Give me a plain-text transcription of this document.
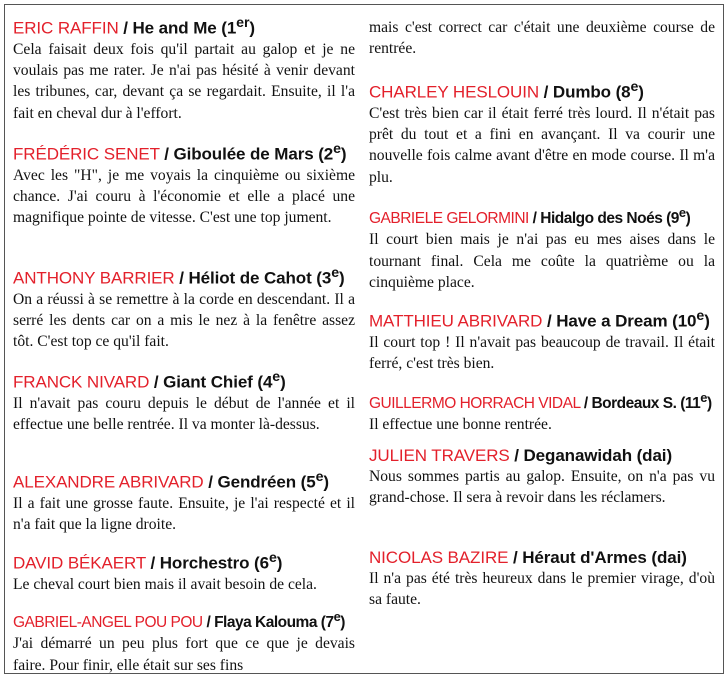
ERIC RAFFIN / He and Me (1er)

Cela faisait deux fois qu'il partait au galop et je ne voulais pas me rater. Je n'ai pas hésité à venir devant les tribunes, car, devant ça se regardait. Ensuite, il l'a fait en cheval dur à l'effort.

FRÉDÉRIC SENET / Giboulée de Mars (2e)

Avec les "H", je me voyais la cinquième ou sixième chance. J'ai couru à l'économie et elle a placé une magnifique pointe de vitesse. C'est une top jument.

ANTHONY BARRIER / Héliot de Cahot (3e)

On a réussi à se remettre à la corde en descendant. Il a serré les dents car on a mis le nez à la fenêtre assez tôt. C'est top ce qu'il fait.

FRANCK NIVARD / Giant Chief (4e)

Il n'avait pas couru depuis le début de l'année et il effectue une belle rentrée. Il va monter là-dessus.

ALEXANDRE ABRIVARD / Gendréen (5e)

Il a fait une grosse faute. Ensuite, je l'ai respecté et il n'a fait que la ligne droite.

DAVID BÉKAERT / Horchestro (6e)

Le cheval court bien mais il avait besoin de cela.

GABRIEL-ANGEL POU POU / Flaya Kalouma (7e)

J'ai démarré un peu plus fort que ce que je devais faire. Pour finir, elle était sur ses fins

mais c'est correct car c'était une deuxième course de rentrée.

CHARLEY HESLOUIN / Dumbo (8e)

C'est très bien car il était ferré très lourd. Il n'était pas prêt du tout et a fini en avançant. Il va courir une nouvelle fois calme avant d'être en mode course. Il m'a plu.

GABRIELE GELORMINI / Hidalgo des Noés (9e)

Il court bien mais je n'ai pas eu mes aises dans le tournant final. Cela me coûte la quatrième ou la cinquième place.

MATTHIEU ABRIVARD / Have a Dream (10e)

Il court top ! Il n'avait pas beaucoup de travail. Il était ferré, c'est très bien.

GUILLERMO HORRACH VIDAL / Bordeaux S. (11e)

Il effectue une bonne rentrée.

JULIEN TRAVERS / Deganawidah (dai)

Nous sommes partis au galop. Ensuite, on n'a pas vu grand-chose. Il sera à revoir dans les réclamers.

NICOLAS BAZIRE / Héraut d'Armes (dai)

Il n'a pas été très heureux dans le premier virage, d'où sa faute.
